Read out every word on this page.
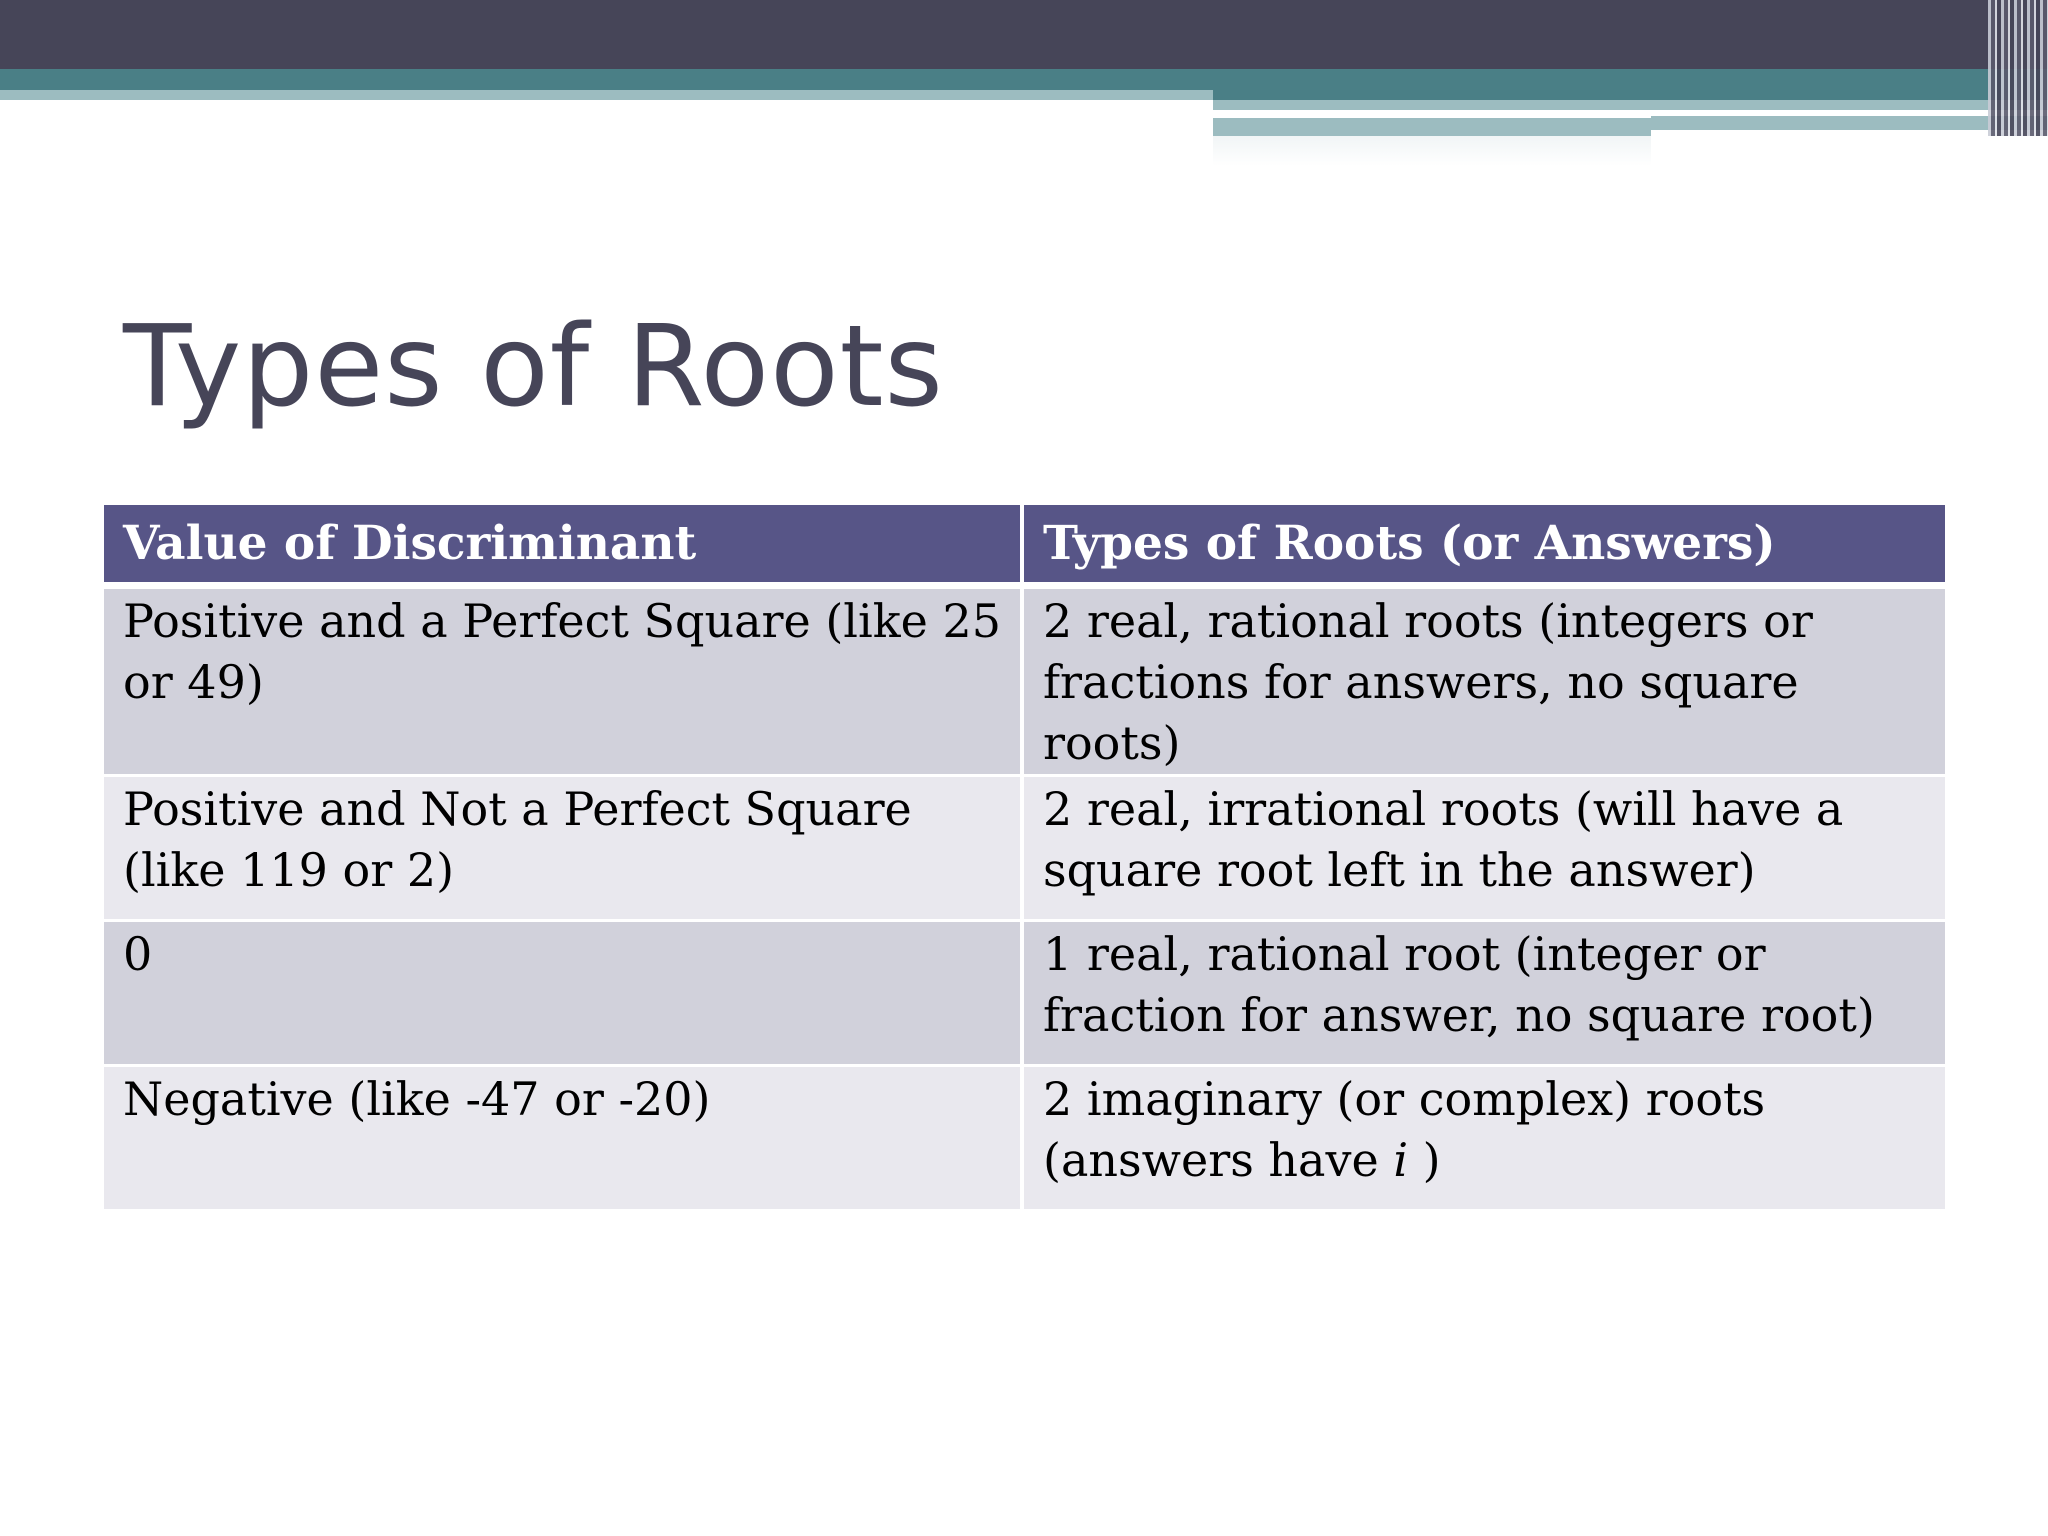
Types of Roots
Value of Discriminant	Types of Roots (or Answers)
Positive and a Perfect Square (like 25 or 49)	2 real, rational roots (integers or fractions for answers, no square roots)
Positive and Not a Perfect Square (like 119 or 2)	2 real, irrational roots (will have a square root left in the answer)
0	1 real, rational root (integer or fraction for answer, no square root)
Negative (like -47 or -20)	2 imaginary (or complex) roots (answers have i )
